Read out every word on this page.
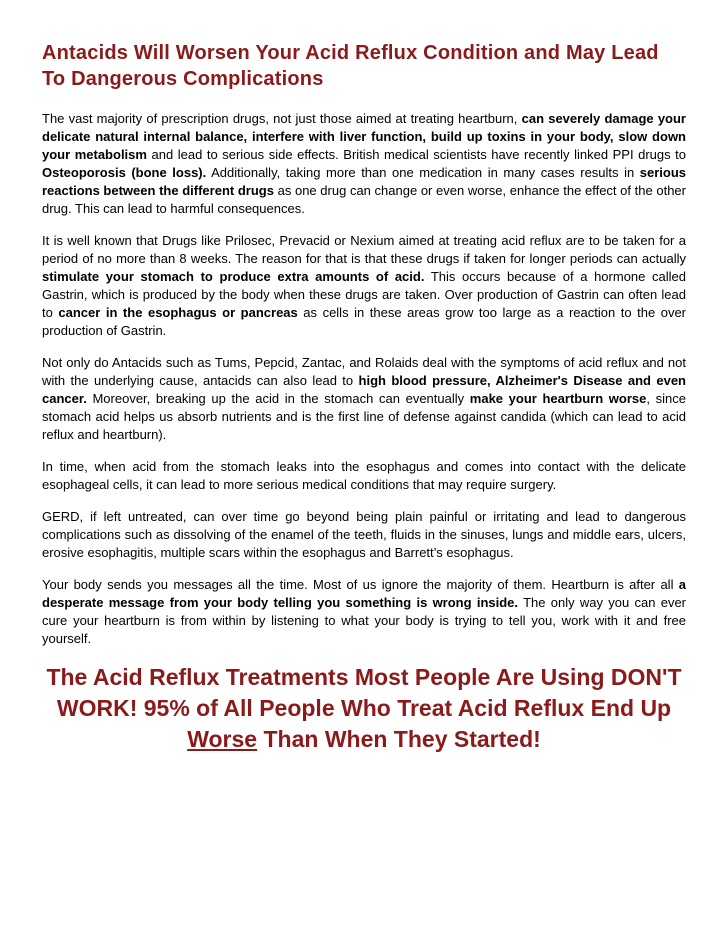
Antacids Will Worsen Your Acid Reflux Condition and May Lead To Dangerous Complications

The vast majority of prescription drugs, not just those aimed at treating heartburn, can severely damage your delicate natural internal balance, interfere with liver function, build up toxins in your body, slow down your metabolism and lead to serious side effects. British medical scientists have recently linked PPI drugs to Osteoporosis (bone loss). Additionally, taking more than one medication in many cases results in serious reactions between the different drugs as one drug can change or even worse, enhance the effect of the other drug. This can lead to harmful consequences.

It is well known that Drugs like Prilosec, Prevacid or Nexium aimed at treating acid reflux are to be taken for a period of no more than 8 weeks. The reason for that is that these drugs if taken for longer periods can actually stimulate your stomach to produce extra amounts of acid. This occurs because of a hormone called Gastrin, which is produced by the body when these drugs are taken. Over production of Gastrin can often lead to cancer in the esophagus or pancreas as cells in these areas grow too large as a reaction to the over production of Gastrin.

Not only do Antacids such as Tums, Pepcid, Zantac, and Rolaids deal with the symptoms of acid reflux and not with the underlying cause, antacids can also lead to high blood pressure, Alzheimer's Disease and even cancer. Moreover, breaking up the acid in the stomach can eventually make your heartburn worse, since stomach acid helps us absorb nutrients and is the first line of defense against candida (which can lead to acid reflux and heartburn).

In time, when acid from the stomach leaks into the esophagus and comes into contact with the delicate esophageal cells, it can lead to more serious medical conditions that may require surgery.

GERD, if left untreated, can over time go beyond being plain painful or irritating and lead to dangerous complications such as dissolving of the enamel of the teeth, fluids in the sinuses, lungs and middle ears, ulcers, erosive esophagitis, multiple scars within the esophagus and Barrett’s esophagus.

Your body sends you messages all the time. Most of us ignore the majority of them. Heartburn is after all a desperate message from your body telling you something is wrong inside. The only way you can ever cure your heartburn is from within by listening to what your body is trying to tell you, work with it and free yourself.

The Acid Reflux Treatments Most People Are Using DON'T WORK! 95% of All People Who Treat Acid Reflux End Up Worse Than When They Started!
